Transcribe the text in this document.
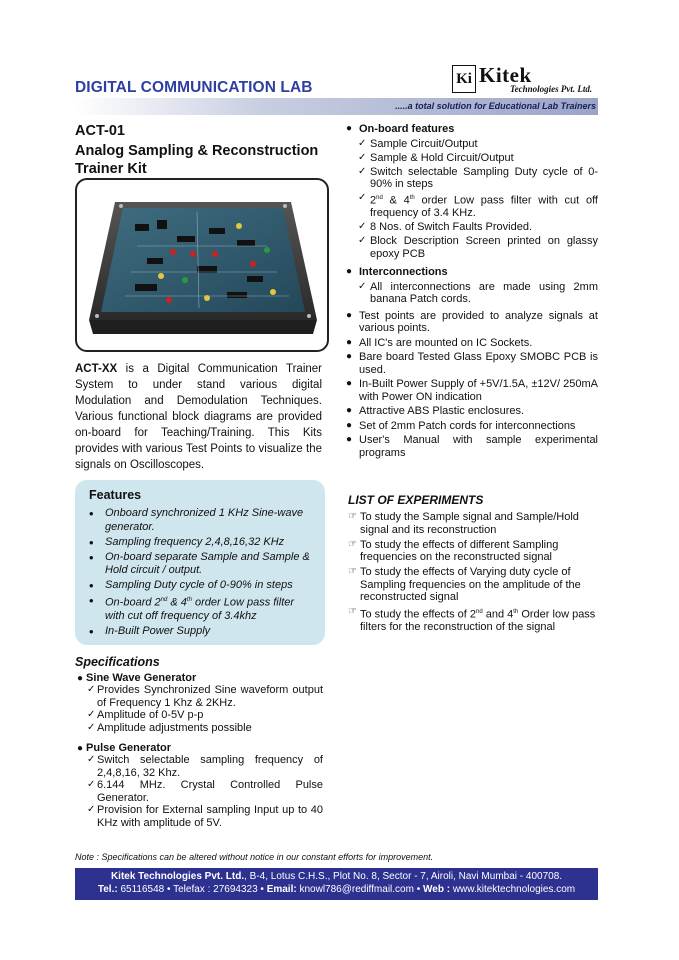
DIGITAL COMMUNICATION LAB	Ki Kitek
Technologies Pvt. Ltd.
.....a total solution for Educational Lab Trainers
ACT-01
Analog Sampling & Reconstruction Trainer Kit
ACT-XX is a Digital Communication Trainer System to under stand various digital Modulation and Demodulation Techniques. Various functional block diagrams are provided on-board for Teaching/Training. This Kits provides with various Test Points to visualize the signals on Oscilloscopes.
Features
• Onboard synchronized 1 KHz Sine-wave generator.
• Sampling frequency 2,4,8,16,32 KHz
• On-board separate Sample and Sample & Hold circuit / output.
• Sampling Duty cycle of 0-90% in steps
• On-board 2nd & 4th order Low pass filter with cut off frequency of 3.4khz
• In-Built Power Supply
Specifications
● Sine Wave Generator
✓ Provides Synchronized Sine waveform output of Frequency 1 Khz & 2KHz.
✓ Amplitude of 0-5V p-p
✓ Amplitude adjustments possible
● Pulse Generator
✓ Switch selectable sampling frequency of 2,4,8,16, 32 Khz.
✓ 6.144 MHz. Crystal Controlled Pulse Generator.
✓ Provision for External sampling Input up to 40 KHz with amplitude of 5V.
● On-board features
✓ Sample Circuit/Output
✓ Sample & Hold Circuit/Output
✓ Switch selectable Sampling Duty cycle of 0-90% in steps
✓ 2nd & 4th order Low pass filter with cut off frequency of 3.4 KHz.
✓ 8 Nos. of Switch Faults Provided.
✓ Block Description Screen printed on glassy epoxy PCB
● Interconnections
✓ All interconnections are made using 2mm banana Patch cords.
● Test points are provided to analyze signals at various points.
● All IC's are mounted on IC Sockets.
● Bare board Tested Glass Epoxy SMOBC PCB is used.
● In-Built Power Supply of +5V/1.5A, ±12V/ 250mA with Power ON indication
● Attractive ABS Plastic enclosures.
● Set of 2mm Patch cords for interconnections
● User's Manual with sample experimental programs
LIST OF EXPERIMENTS
☞ To study the Sample signal and Sample/Hold signal and its reconstruction
☞ To study the effects of different Sampling frequencies on the reconstructed signal
☞ To study the effects of Varying duty cycle of Sampling frequencies on the amplitude of the reconstructed signal
☞ To study the effects of 2nd and 4th Order low pass filters for the reconstruction of the signal
Note : Specifications can be altered without notice in our constant efforts for improvement.
Kitek Technologies Pvt. Ltd., B-4, Lotus C.H.S., Plot No. 8, Sector - 7, Airoli, Navi Mumbai - 400708.
Tel.: 65116548 • Telefax : 27694323 • Email: knowl786@rediffmail.com • Web : www.kitektechnologies.com
